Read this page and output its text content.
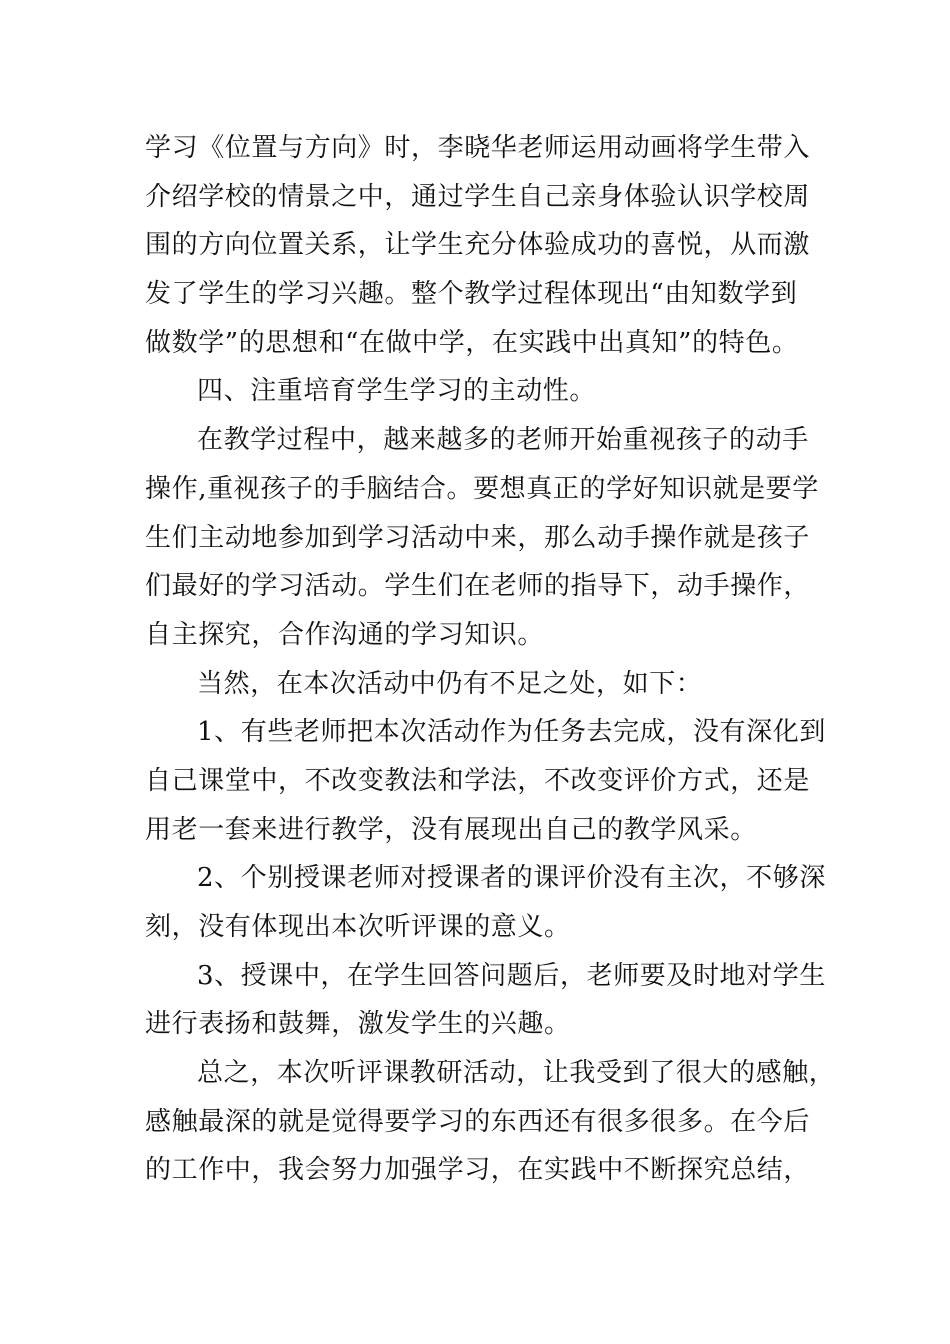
学习《位置与方向》时，李晓华老师运用动画将学生带入
介绍学校的情景之中，通过学生自己亲身体验认识学校周
围的方向位置关系，让学生充分体验成功的喜悦，从而激
发了学生的学习兴趣。整个教学过程体现出“由知数学到
做数学”的思想和“在做中学，在实践中出真知”的特色。
四、注重培育学生学习的主动性。
在教学过程中，越来越多的老师开始重视孩子的动手
操作,重视孩子的手脑结合。要想真正的学好知识就是要学
生们主动地参加到学习活动中来，那么动手操作就是孩子
们最好的学习活动。学生们在老师的指导下，动手操作，
自主探究，合作沟通的学习知识。
当然，在本次活动中仍有不足之处，如下：
1、有些老师把本次活动作为任务去完成，没有深化到
自己课堂中，不改变教法和学法，不改变评价方式，还是
用老一套来进行教学，没有展现出自己的教学风采。
2、个别授课老师对授课者的课评价没有主次，不够深
刻，没有体现出本次听评课的意义。
3、授课中，在学生回答问题后，老师要及时地对学生
进行表扬和鼓舞，激发学生的兴趣。
总之，本次听评课教研活动，让我受到了很大的感触，
感触最深的就是觉得要学习的东西还有很多很多。在今后
的工作中，我会努力加强学习，在实践中不断探究总结，
